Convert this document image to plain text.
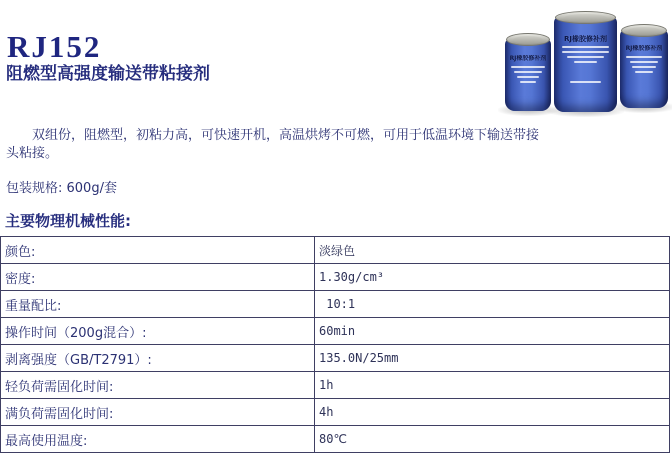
RJ152
阻燃型高强度输送带粘接剂
RJ橡胶修补剂
RJ橡胶修补剂
RJ橡胶修补剂
双组份，阻燃型，初粘力高，可快速开机，高温烘烤不可燃，可用于低温环境下输送带接头粘接。
包装规格: 600g/套
主要物理机械性能:
颜色:	淡绿色
密度:	1.30g/cm³
重量配比:	10:1
操作时间（200g混合）:	60min
剥离强度（GB/T2791）:	135.0N/25mm
轻负荷需固化时间:	1h
满负荷需固化时间:	4h
最高使用温度:	80℃
